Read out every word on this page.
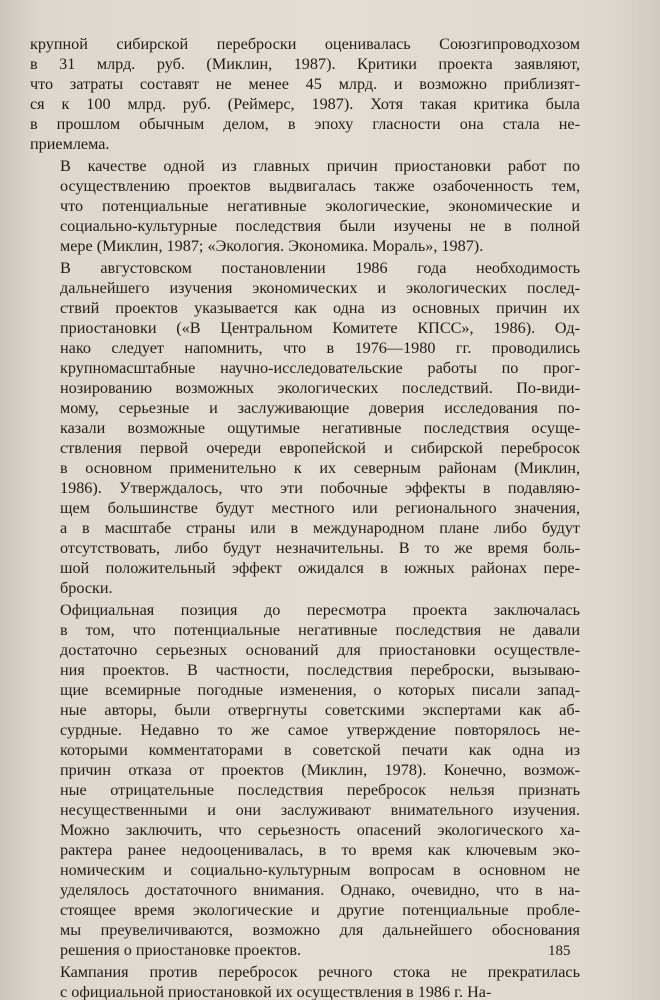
крупной сибирской переброски оценивалась Союзгипроводхозом
в 31 млрд. руб. (Миклин, 1987). Критики проекта заявляют,
что затраты составят не менее 45 млрд. и возможно приблизят-
ся к 100 млрд. руб. (Реймерс, 1987). Хотя такая критика была
в прошлом обычным делом, в эпоху гласности она стала не-
приемлема.

В качестве одной из главных причин приостановки работ по
осуществлению проектов выдвигалась также озабоченность тем,
что потенциальные негативные экологические, экономические и
социально-культурные последствия были изучены не в полной
мере (Миклин, 1987; «Экология. Экономика. Мораль», 1987).

В августовском постановлении 1986 года необходимость
дальнейшего изучения экономических и экологических послед-
ствий проектов указывается как одна из основных причин их
приостановки («В Центральном Комитете КПСС», 1986). Од-
нако следует напомнить, что в 1976—1980 гг. проводились
крупномасштабные научно-исследовательские работы по прог-
нозированию возможных экологических последствий. По-види-
мому, серьезные и заслуживающие доверия исследования по-
казали возможные ощутимые негативные последствия осуще-
ствления первой очереди европейской и сибирской перебросок
в основном применительно к их северным районам (Миклин,
1986). Утверждалось, что эти побочные эффекты в подавляю-
щем большинстве будут местного или регионального значения,
а в масштабе страны или в международном плане либо будут
отсутствовать, либо будут незначительны. В то же время боль-
шой положительный эффект ожидался в южных районах пере-
броски.

Официальная позиция до пересмотра проекта заключалась
в том, что потенциальные негативные последствия не давали
достаточно серьезных оснований для приостановки осуществле-
ния проектов. В частности, последствия переброски, вызываю-
щие всемирные погодные изменения, о которых писали запад-
ные авторы, были отвергнуты советскими экспертами как аб-
сурдные. Недавно то же самое утверждение повторялось не-
которыми комментаторами в советской печати как одна из
причин отказа от проектов (Миклин, 1978). Конечно, возмож-
ные отрицательные последствия перебросок нельзя признать
несущественными и они заслуживают внимательного изучения.
Можно заключить, что серьезность опасений экологического ха-
рактера ранее недооценивалась, в то время как ключевым эко-
номическим и социально-культурным вопросам в основном не
уделялось достаточного внимания. Однако, очевидно, что в на-
стоящее время экологические и другие потенциальные пробле-
мы преувеличиваются, возможно для дальнейшего обоснования
решения о приостановке проектов.

Кампания против перебросок речного стока не прекратилась
с официальной приостановкой их осуществления в 1986 г. На-

185
